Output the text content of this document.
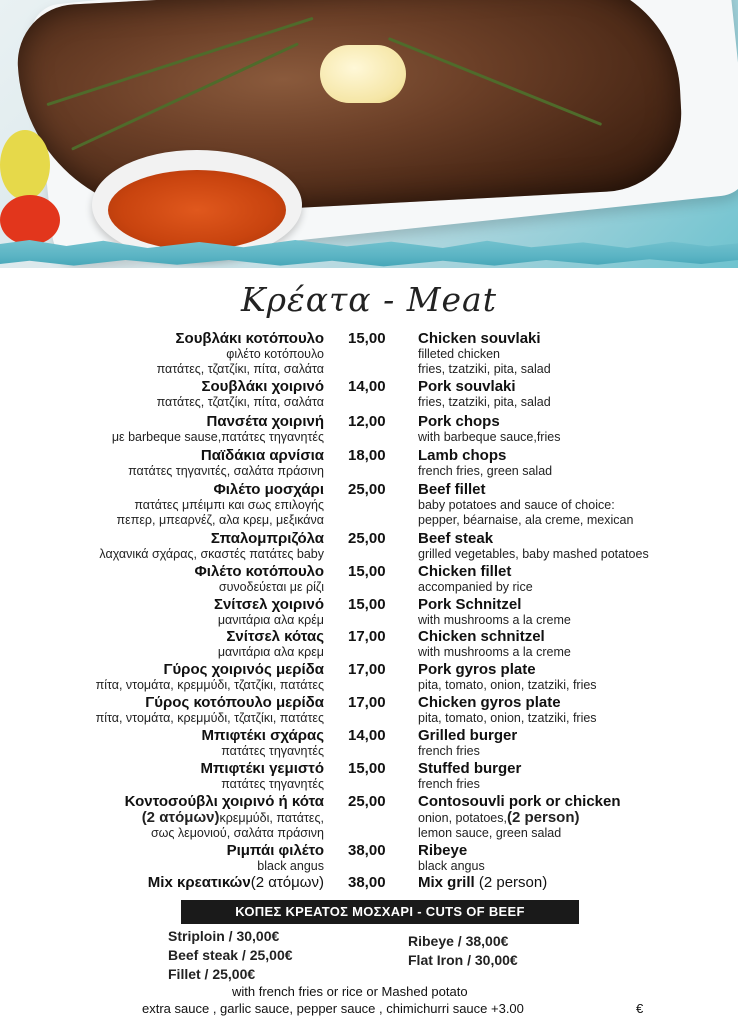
Κρέατα - Meat
Σουβλάκι κοτόπουλο
φιλέτο κοτόπουλο
πατάτες, τζατζίκι, πίτα, σαλάτα
15,00	Chicken souvlaki
filleted chicken
fries, tzatziki, pita, salad
Σουβλάκι χοιρινό
πατάτες, τζατζίκι, πίτα, σαλάτα
14,00	Pork souvlaki
fries, tzatziki, pita, salad
Πανσέτα χοιρινή
με barbeque sause,πατάτες τηγανητές
12,00	Pork chops
with barbeque sauce,fries
Παϊδάκια αρνίσια
πατάτες τηγανιτές, σαλάτα πράσινη
18,00	Lamb chops
french fries, green salad
Φιλέτο μοσχάρι
πατάτες μπέιμπι και σως επιλογής
πεπερ, μπεαρνέζ, αλα κρεμ, μεξικάνα
25,00	Beef fillet
baby potatoes and sauce of choice:
pepper, béarnaise, ala creme, mexican
Σπαλομπριζόλα
λαχανικά σχάρας, σκαστές πατάτες baby
25,00	Beef steak
grilled vegetables, baby mashed potatoes
Φιλέτο κοτόπουλο
συνοδεύεται με ρίζι
15,00	Chicken fillet
accompanied by rice
Σνίτσελ χοιρινό
μανιτάρια αλα κρέμ
15,00	Pork Schnitzel
with mushrooms a la creme
Σνίτσελ κότας
μανιτάρια αλα κρεμ
17,00	Chicken schnitzel
with mushrooms a la creme
Γύρος χοιρινός μερίδα
πίτα, ντομάτα, κρεμμύδι, τζατζίκι, πατάτες
17,00	Pork gyros plate
pita, tomato, onion, tzatziki, fries
Γύρος κοτόπουλο μερίδα
πίτα, ντομάτα, κρεμμύδι, τζατζίκι, πατάτες
17,00	Chicken gyros plate
pita, tomato, onion, tzatziki, fries
Μπιφτέκι σχάρας
πατάτες τηγανητές
14,00	Grilled burger
french fries
Μπιφτέκι γεμιστό
πατάτες τηγανητές
15,00	Stuffed burger
french fries
Κοντοσούβλι χοιρινό ή κότα
(2 ατόμων)κρεμμύδι, πατάτες,
σως λεμονιού, σαλάτα πράσινη
25,00	Contosouvli pork or chicken
onion, potatoes,(2 person)
lemon sauce, green salad
Ριμπάι φιλέτο
black angus
38,00	Ribeye
black angus
Mix κρεατικών(2 ατόμων) 38,00	Mix grill (2 person)
ΚΟΠΕΣ ΚΡΕΑΤΟΣ ΜΟΣΧΑΡΙ - CUTS OF BEEF
Striploin / 30,00€
Beef steak / 25,00€
Fillet / 25,00€
Ribeye / 38,00€
Flat Iron / 30,00€
with french fries or rice or Mashed potato
extra sauce , garlic sauce, pepper sauce , chimichurri sauce +3.00	€
